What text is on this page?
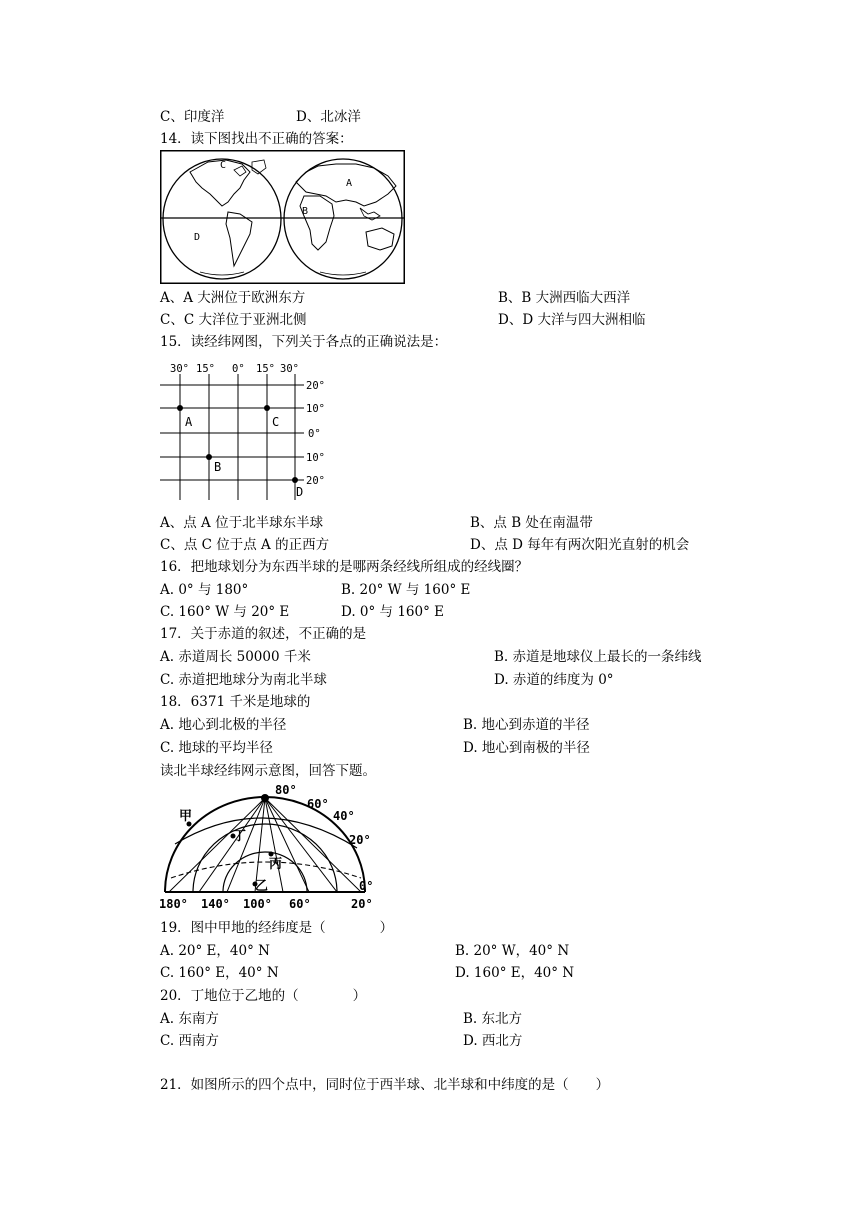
C、印度洋	D、北冰洋
14．读下图找出不正确的答案：
C
A
B
D
A、A 大洲位于欧洲东方	B、B 大洲西临大西洋
C、C 大洋位于亚洲北侧	D、D 大洋与四大洲相临
15．读经纬网图，下列关于各点的正确说法是：
30° 15° 0° 15° 30°
20°
10°
0°
10°
20°
A
B
C
D
A、点 A 位于北半球东半球	B、点 B 处在南温带
C、点 C 位于点 A 的正西方	D、点 D 每年有两次阳光直射的机会
16．把地球划分为东西半球的是哪两条经线所组成的经线圈？
A. 0° 与 180°	B. 20° W 与 160° E
C. 160° W 与 20° E	D. 0° 与 160° E
17．关于赤道的叙述，不正确的是
A. 赤道周长 50000 千米	B. 赤道是地球仪上最长的一条纬线
C. 赤道把地球分为南北半球	D. 赤道的纬度为 0°
18．6371 千米是地球的
A. 地心到北极的半径	B. 地心到赤道的半径
C. 地球的平均半径	D. 地心到南极的半径
读北半球经纬网示意图，回答下题。
80°
60°
40°
20°
0°
180° 140° 100° 60°	20°
甲
乙
丙
丁
19．图中甲地的经纬度是（　　　　）
A. 20° E，40° N	B. 20° W，40° N
C. 160° E，40° N	D. 160° E，40° N
20．丁地位于乙地的（　　　　）
A. 东南方	B. 东北方
C. 西南方	D. 西北方
21．如图所示的四个点中，同时位于西半球、北半球和中纬度的是（　　）
